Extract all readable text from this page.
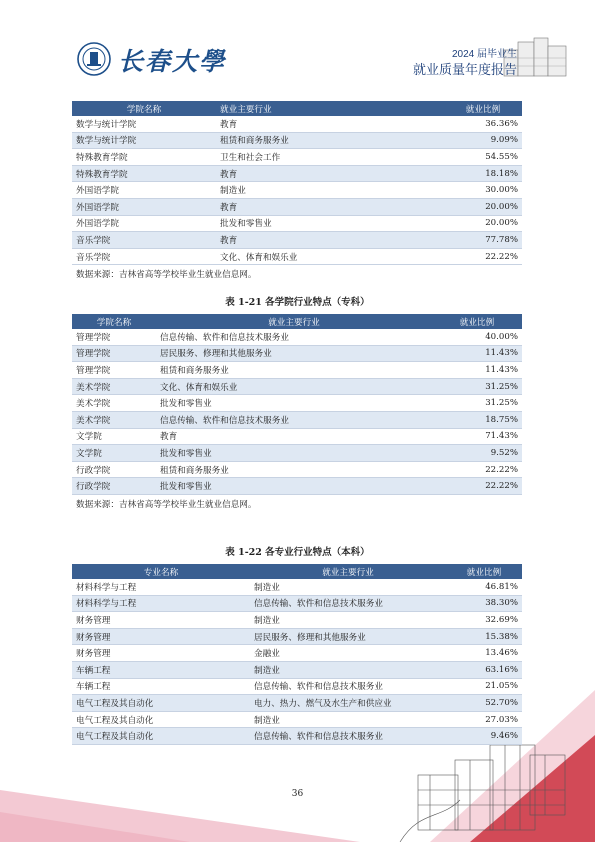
长春大學	2024 届毕业生
就业质量年度报告
学院名称	就业主要行业	就业比例
数学与统计学院	教育	36.36%
数学与统计学院	租赁和商务服务业	9.09%
特殊教育学院	卫生和社会工作	54.55%
特殊教育学院	教育	18.18%
外国语学院	制造业	30.00%
外国语学院	教育	20.00%
外国语学院	批发和零售业	20.00%
音乐学院	教育	77.78%
音乐学院	文化、体育和娱乐业	22.22%
数据来源：吉林省高等学校毕业生就业信息网。
表 1-21 各学院行业特点（专科）
学院名称	就业主要行业	就业比例
管理学院	信息传输、软件和信息技术服务业	40.00%
管理学院	居民服务、修理和其他服务业	11.43%
管理学院	租赁和商务服务业	11.43%
美术学院	文化、体育和娱乐业	31.25%
美术学院	批发和零售业	31.25%
美术学院	信息传输、软件和信息技术服务业	18.75%
文学院	教育	71.43%
文学院	批发和零售业	9.52%
行政学院	租赁和商务服务业	22.22%
行政学院	批发和零售业	22.22%
数据来源：吉林省高等学校毕业生就业信息网。
表 1-22 各专业行业特点（本科）
专业名称	就业主要行业	就业比例
材料科学与工程	制造业	46.81%
材料科学与工程	信息传输、软件和信息技术服务业	38.30%
财务管理	制造业	32.69%
财务管理	居民服务、修理和其他服务业	15.38%
财务管理	金融业	13.46%
车辆工程	制造业	63.16%
车辆工程	信息传输、软件和信息技术服务业	21.05%
电气工程及其自动化	电力、热力、燃气及水生产和供应业	52.70%
电气工程及其自动化	制造业	27.03%
电气工程及其自动化	信息传输、软件和信息技术服务业	9.46%
36
